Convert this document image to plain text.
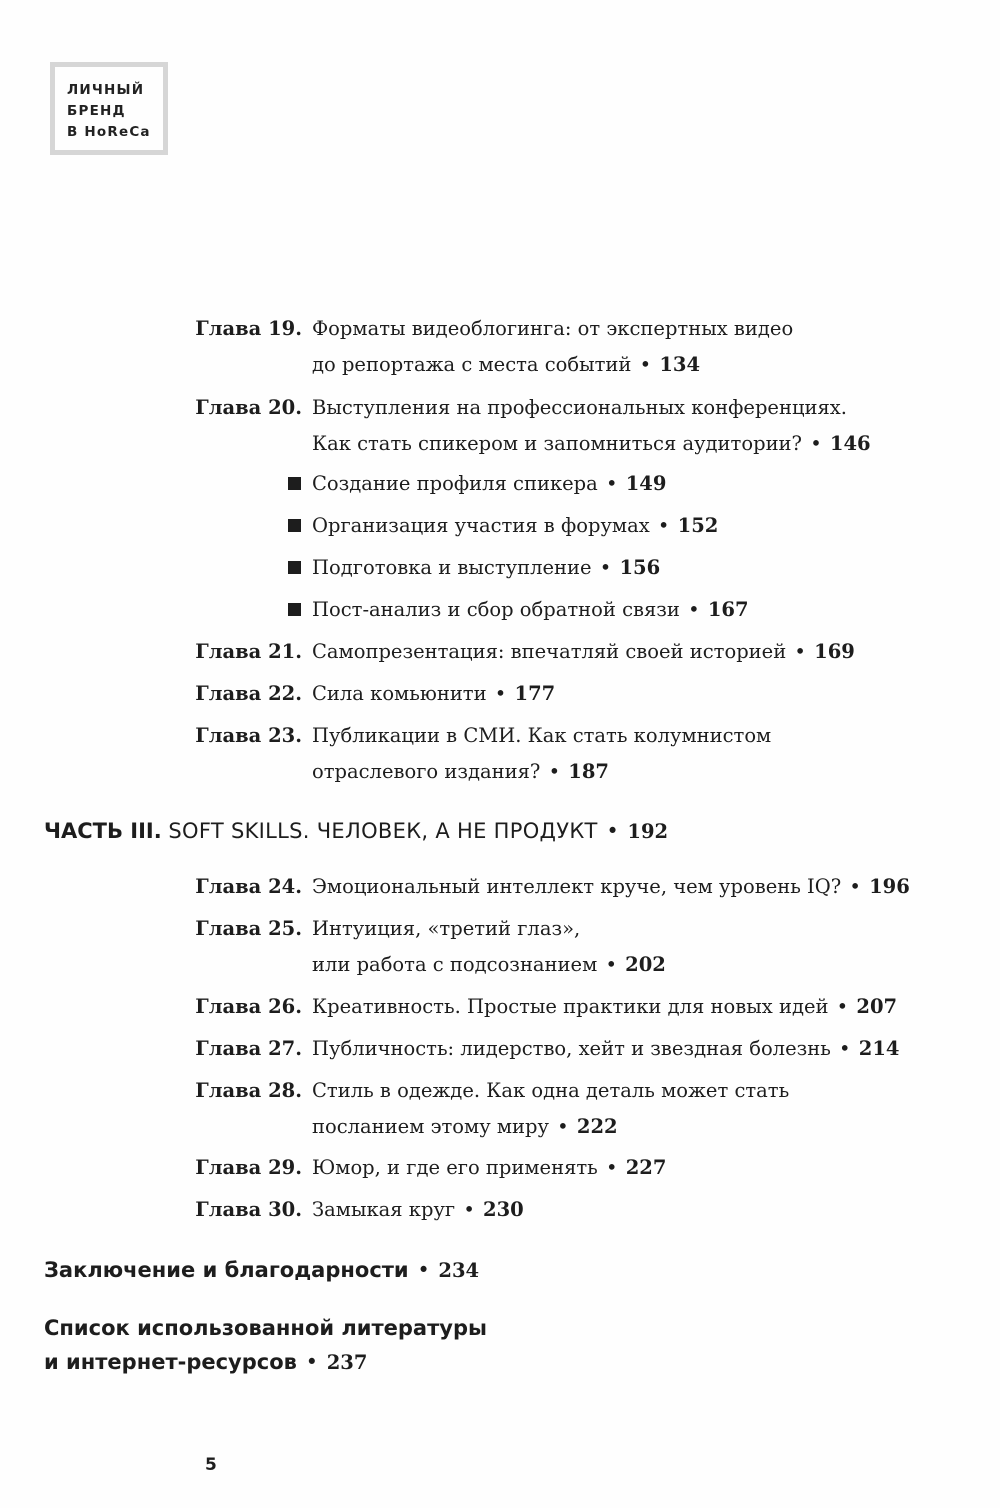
ЛИЧНЫЙ
БРЕНД
В HoReCa
Глава 19. Форматы видеоблогинга: от экспертных видео
до репортажа с места событий • 134
Глава 20. Выступления на профессиональных конференциях.
Как стать спикером и запомниться аудитории? • 146
Создание профиля спикера • 149
Организация участия в форумах • 152
Подготовка и выступление • 156
Пост-анализ и сбор обратной связи • 167
Глава 21. Самопрезентация: впечатляй своей историей • 169
Глава 22. Сила комьюнити • 177
Глава 23. Публикации в СМИ. Как стать колумнистом
отраслевого издания? • 187
ЧАСТЬ III. SOFT SKILLS. ЧЕЛОВЕК, А НЕ ПРОДУКТ • 192
Глава 24. Эмоциональный интеллект круче, чем уровень IQ? • 196
Глава 25. Интуиция, «третий глаз»,
или работа с подсознанием • 202
Глава 26. Креативность. Простые практики для новых идей • 207
Глава 27. Публичность: лидерство, хейт и звездная болезнь • 214
Глава 28. Стиль в одежде. Как одна деталь может стать
посланием этому миру • 222
Глава 29. Юмор, и где его применять • 227
Глава 30. Замыкая круг • 230
Заключение и благодарности • 234
Список использованной литературы
и интернет-ресурсов • 237
5
